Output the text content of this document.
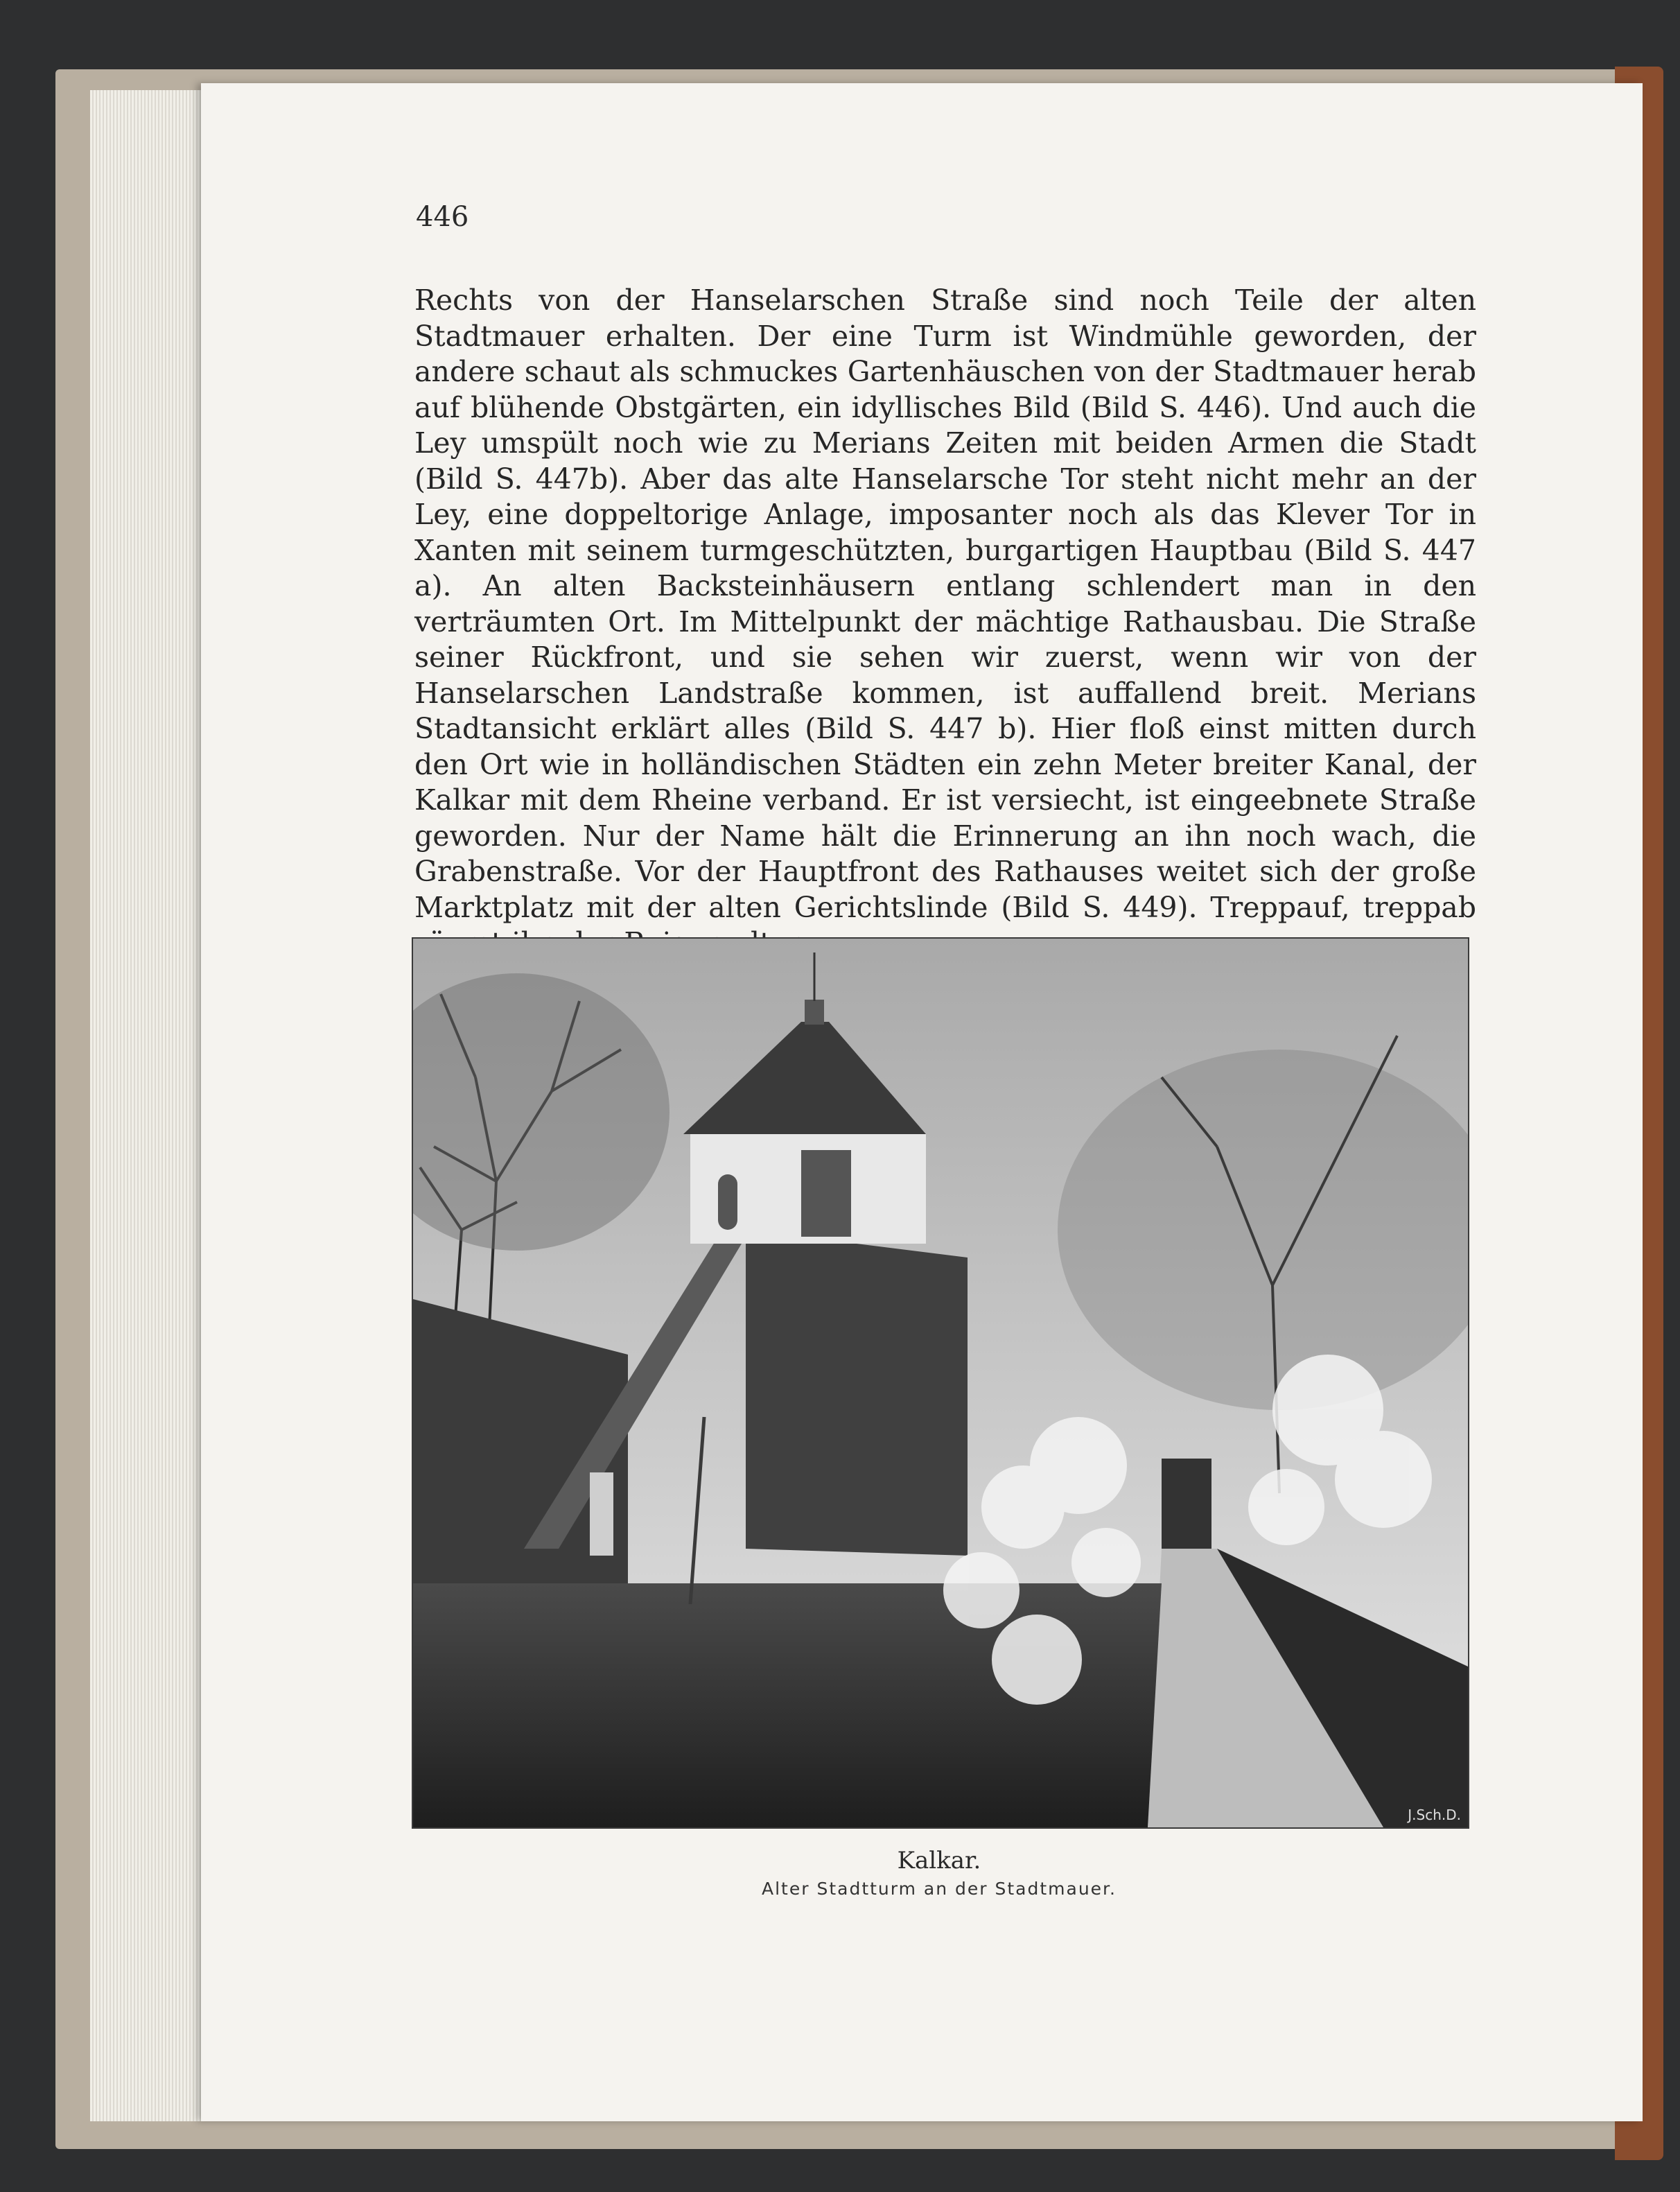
446
Rechts von der Hanselarschen Straße sind noch Teile der alten Stadtmauer erhalten. Der eine Turm ist Windmühle geworden, der andere schaut als schmuckes Gartenhäuschen von der Stadtmauer herab auf blühende Obstgärten, ein idyllisches Bild (Bild S. 446). Und auch die Ley umspült noch wie zu Merians Zeiten mit beiden Armen die Stadt (Bild S. 447b). Aber das alte Hanselarsche Tor steht nicht mehr an der Ley, eine doppeltorige Anlage, imposanter noch als das Klever Tor in Xanten mit seinem turmgeschützten, burgartigen Hauptbau (Bild S. 447 a). An alten Backsteinhäusern entlang schlendert man in den verträumten Ort. Im Mittelpunkt der mächtige Rathausbau. Die Straße seiner Rückfront, und sie sehen wir zuerst, wenn wir von der Hanselarschen Landstraße kommen, ist auffallend breit. Merians Stadtansicht erklärt alles (Bild S. 447 b). Hier floß einst mitten durch den Ort wie in holländischen Städten ein zehn Meter breiter Kanal, der Kalkar mit dem Rheine verband. Er ist versiecht, ist eingeebnete Straße geworden. Nur der Name hält die Erinnerung an ihn noch wach, die Grabenstraße. Vor der Hauptfront des Rathauses weitet sich der große Marktplatz mit der alten Gerichtslinde (Bild S. 449). Treppauf, treppab
J.Sch.D.
Kalkar.
Alter Stadtturm an der Stadtmauer.
